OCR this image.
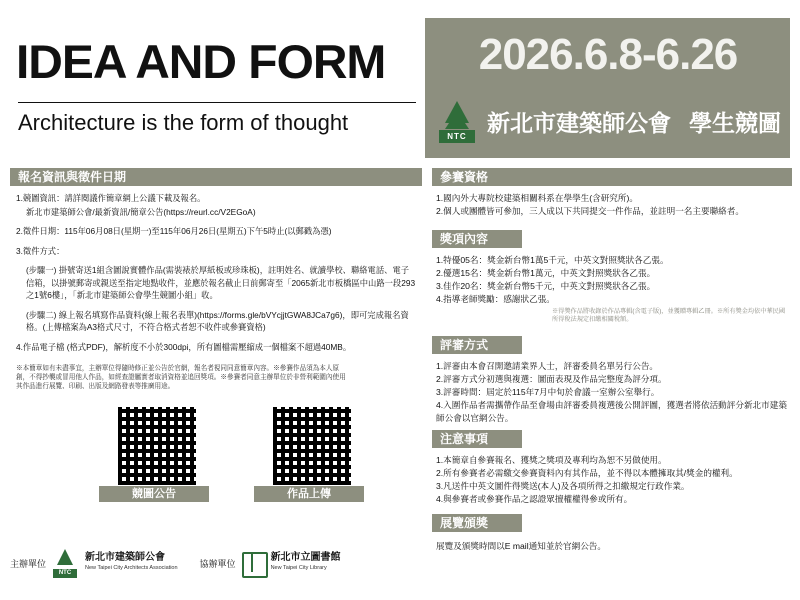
IDEA AND FORM
Architecture is the form of thought
2026.6.8-6.26
NTC
新北市建築師公會 學生競圖
報名資訊與徵件日期

1.競圖資訊：請詳閱議作簡章網上公議下載及報名。

新北市建築師公會/最新資訊/簡章公告(https://reurl.cc/V2EGoA)

2.徵件日期：115年06月08日(星期一)至115年06月26日(星期五)下午5時止(以郵戳為憑)

3.徵件方式：

(步驟一) 掛號寄送1組含圖說實體作品(需裝裱於厚紙板或珍珠板)，註明姓名、就讀學校、聯絡電話、電子信箱，以掛號郵寄或親送至指定地點收件，並應於報名截止日前郵寄至「2065新北市板橋區中山路一段293之1號6樓」，「新北市建築師公會學生競圖小組」收。

(步驟二) 線上報名填寫作品資料(線上報名表單)(https://forms.gle/bVYcjjtGWA8JCa7g6)，即可完成報名資格。(上傳檔案為A3格式尺寸，不符合格式者恕不收件或參賽資格)

4.作品電子檔 (格式PDF)，解析度不小於300dpi，所有圖檔需壓縮成一個檔案不超過40MB。

※本簡章如有未盡事宜，主辦單位得隨時修正並公告於官網，報名者視同同意簡章內容。※參賽作品須為本人原創，不得抄襲或冒用他人作品，如經查證屬實者取消資格並追回獎項。※參賽者同意主辦單位於非營利範圍內使用其作品進行展覽、印刷、出版及網路發表等推廣用途。
競圖公告	作品上傳
主辦單位
NTC
新北市建築師公會
New Taipei City Architects Association 協辦單位
新北市立圖書館
New Taipei City Library
參賽資格
1.國內外大專院校建築相關科系在學學生(含研究所)。
2.個人或團體皆可參加，三人成以下共同提交一件作品，並註明一名主要聯絡者。
獎項內容
1.特優05名：獎金新台幣1萬5千元，中英文對照獎狀各乙張。
2.優選15名：獎金新台幣1萬元，中英文對照獎狀各乙張。
3.佳作20名：獎金新台幣5千元，中英文對照獎狀各乙張。
4.指導老師獎勵：感謝狀乙張。
※得獎作品將收錄於作品專輯(含電子版)，並獲贈專輯乙冊。※所有獎金均依中華民國所得稅法規定扣繳相關稅額。
評審方式
1.評審由本會召開邀請業界人士，評審委員名單另行公告。
2.評審方式分初選與複選：圖面表現及作品完整度為評分項。
3.評審時間：屆定於115年7月中旬於會議一室辦公室舉行。
4.入圍作品者需攜帶作品至會場由評審委員複選後公開評圖，獲選者將依活動評分新北市建築師公會以官網公告。
注意事項
1.本簡章自參賽報名、獲獎之獎項及專利均為恕不另做使用。
2.所有參賽者必需繳交參賽資料內有其作品，並不得以本體擁取其/獎金的權利。
3.凡送件中英文圖件得獎送(本人)及各項所得之扣繳規定行政作業。
4.與參賽者或參賽作品之認證眾擅權權得參或所有。
展覽頒獎
展覽及頒獎時間以E mail通知並於官網公告。
